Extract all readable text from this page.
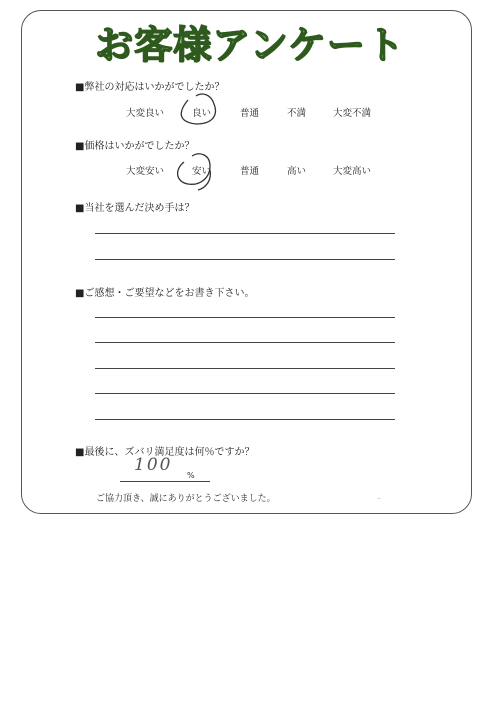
お客様アンケート
■弊社の対応はいかがでしたか？
大変良い	良い	普通	不満	大変不満
■価格はいかがでしたか？
大変安い	安い	普通	高い	大変高い
■当社を選んだ決め手は？
■ご感想・ご要望などをお書き下さい。
■最後に、ズバリ満足度は何％ですか？
100
%
ご協力頂き、誠にありがとうございました。	‥
